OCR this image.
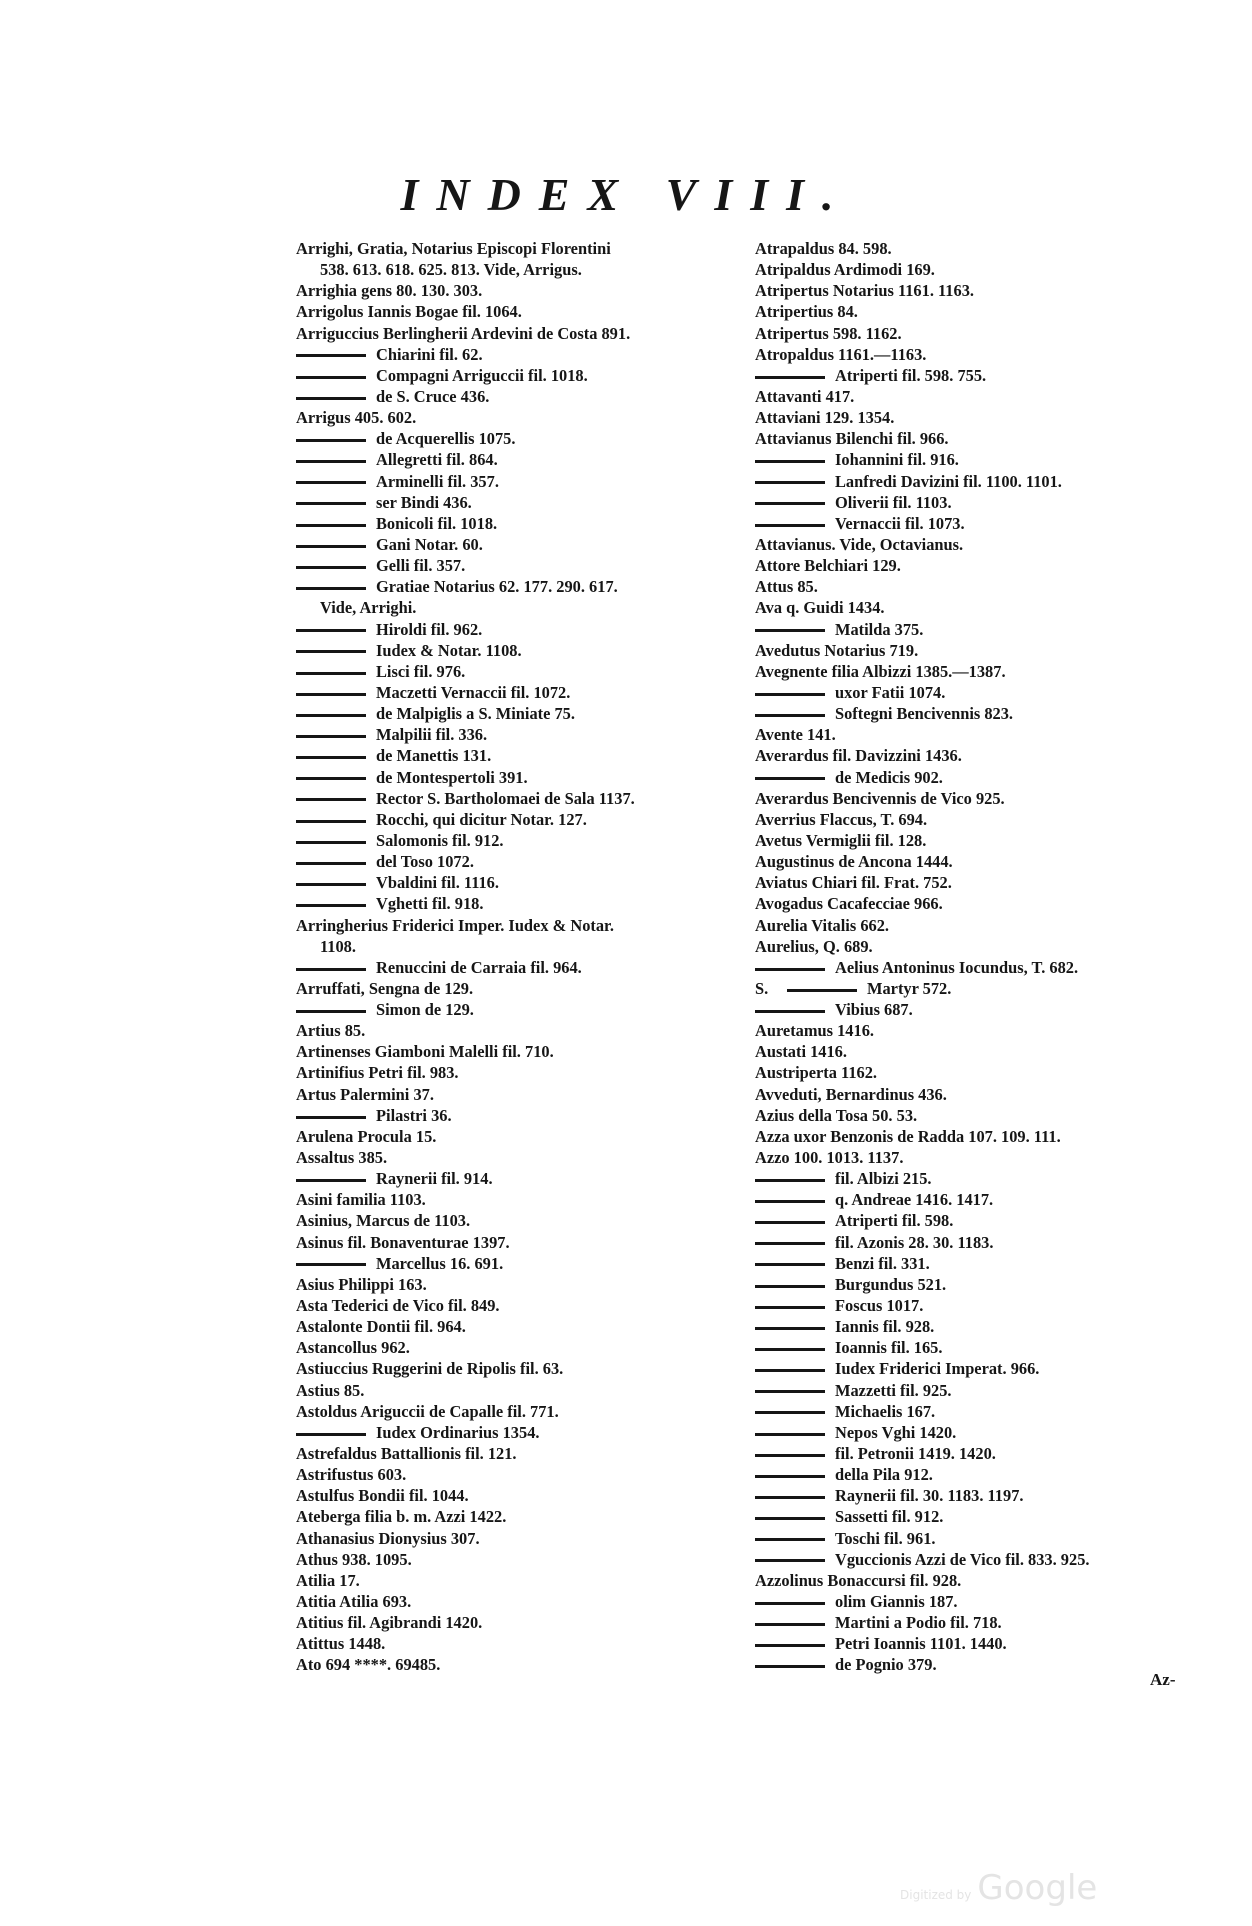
INDEX VIII.
Arrighi, Gratia, Notarius Episcopi Florentini
538. 613. 618. 625. 813. Vide, Arrigus.
Arrighia gens 80. 130. 303.
Arrigolus Iannis Bogae fil. 1064.
Arriguccius Berlingherii Ardevini de Costa 891.
Chiarini fil. 62.
Compagni Arriguccii fil. 1018.
de S. Cruce 436.
Arrigus 405. 602.
de Acquerellis 1075.
Allegretti fil. 864.
Arminelli fil. 357.
ser Bindi 436.
Bonicoli fil. 1018.
Gani Notar. 60.
Gelli fil. 357.
Gratiae Notarius 62. 177. 290. 617.
Vide, Arrighi.
Hiroldi fil. 962.
Iudex & Notar. 1108.
Lisci fil. 976.
Maczetti Vernaccii fil. 1072.
de Malpiglis a S. Miniate 75.
Malpilii fil. 336.
de Manettis 131.
de Montespertoli 391.
Rector S. Bartholomaei de Sala 1137.
Rocchi, qui dicitur Notar. 127.
Salomonis fil. 912.
del Toso 1072.
Vbaldini fil. 1116.
Vghetti fil. 918.
Arringherius Friderici Imper. Iudex & Notar.
1108.
Renuccini de Carraia fil. 964.
Arruffati, Sengna de 129.
Simon de 129.
Artius 85.
Artinenses Giamboni Malelli fil. 710.
Artinifius Petri fil. 983.
Artus Palermini 37.
Pilastri 36.
Arulena Procula 15.
Assaltus 385.
Raynerii fil. 914.
Asini familia 1103.
Asinius, Marcus de 1103.
Asinus fil. Bonaventurae 1397.
Marcellus 16. 691.
Asius Philippi 163.
Asta Tederici de Vico fil. 849.
Astalonte Dontii fil. 964.
Astancollus 962.
Astiuccius Ruggerini de Ripolis fil. 63.
Astius 85.
Astoldus Ariguccii de Capalle fil. 771.
Iudex Ordinarius 1354.
Astrefaldus Battallionis fil. 121.
Astrifustus 603.
Astulfus Bondii fil. 1044.
Ateberga filia b. m. Azzi 1422.
Athanasius Dionysius 307.
Athus 938. 1095.
Atilia 17.
Atitia Atilia 693.
Atitius fil. Agibrandi 1420.
Atittus 1448.
Ato 694 ****. 69485.
Atrapaldus 84. 598.
Atripaldus Ardimodi 169.
Atripertus Notarius 1161. 1163.
Atripertius 84.
Atripertus 598. 1162.
Atropaldus 1161.—1163.
Atriperti fil. 598. 755.
Attavanti 417.
Attaviani 129. 1354.
Attavianus Bilenchi fil. 966.
Iohannini fil. 916.
Lanfredi Davizini fil. 1100. 1101.
Oliverii fil. 1103.
Vernaccii fil. 1073.
Attavianus. Vide, Octavianus.
Attore Belchiari 129.
Attus 85.
Ava q. Guidi 1434.
Matilda 375.
Avedutus Notarius 719.
Avegnente filia Albizzi 1385.—1387.
uxor Fatii 1074.
Softegni Bencivennis 823.
Avente 141.
Averardus fil. Davizzini 1436.
de Medicis 902.
Averardus Bencivennis de Vico 925.
Averrius Flaccus, T. 694.
Avetus Vermiglii fil. 128.
Augustinus de Ancona 1444.
Aviatus Chiari fil. Frat. 752.
Avogadus Cacafecciae 966.
Aurelia Vitalis 662.
Aurelius, Q. 689.
Aelius Antoninus Iocundus, T. 682.
S.	Martyr 572.
Vibius 687.
Auretamus 1416.
Austati 1416.
Austriperta 1162.
Avveduti, Bernardinus 436.
Azius della Tosa 50. 53.
Azza uxor Benzonis de Radda 107. 109. 111.
Azzo 100. 1013. 1137.
fil. Albizi 215.
q. Andreae 1416. 1417.
Atriperti fil. 598.
fil. Azonis 28. 30. 1183.
Benzi fil. 331.
Burgundus 521.
Foscus 1017.
Iannis fil. 928.
Ioannis fil. 165.
Iudex Friderici Imperat. 966.
Mazzetti fil. 925.
Michaelis 167.
Nepos Vghi 1420.
fil. Petronii 1419. 1420.
della Pila 912.
Raynerii fil. 30. 1183. 1197.
Sassetti fil. 912.
Toschi fil. 961.
Vguccionis Azzi de Vico fil. 833. 925.
Azzolinus Bonaccursi fil. 928.
olim Giannis 187.
Martini a Podio fil. 718.
Petri Ioannis 1101. 1440.
de Pognio 379.
Az-
Digitized by Google
